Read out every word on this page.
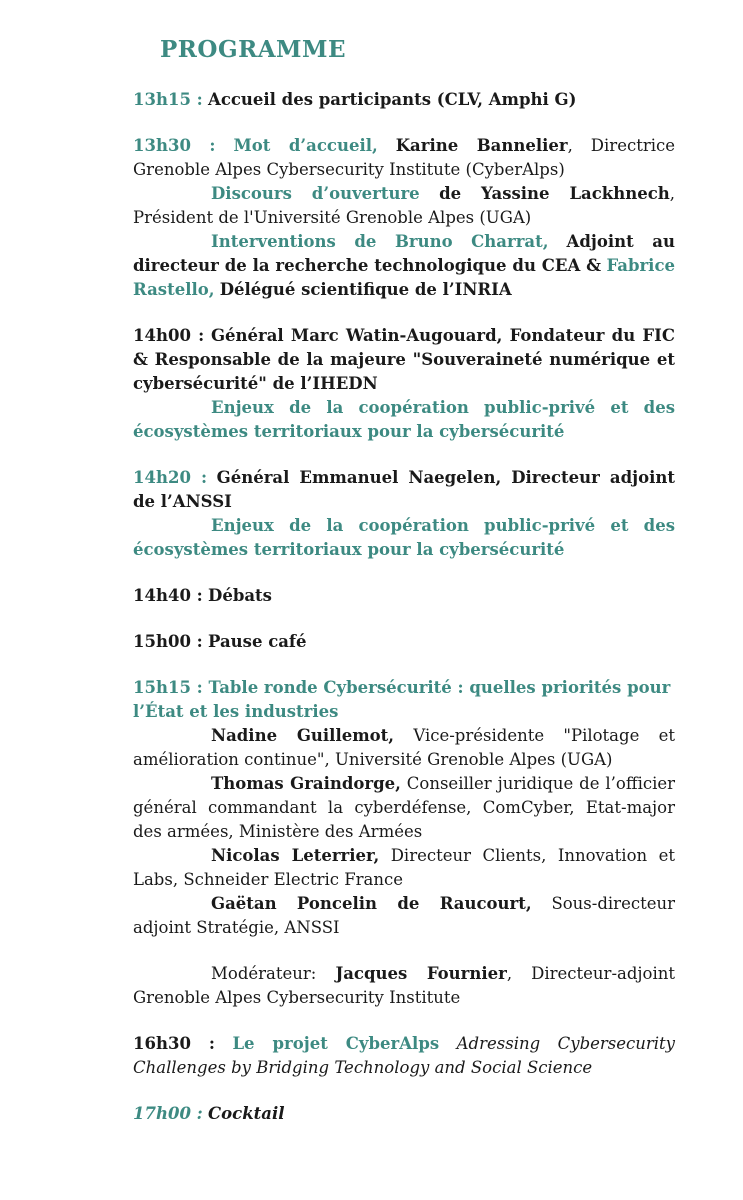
PROGRAMME

13h15 : Accueil des participants (CLV, Amphi G)

13h30 : Mot d’accueil, Karine Bannelier, Directrice Grenoble Alpes Cybersecurity Institute (CyberAlps)

Discours d’ouverture de Yassine Lackhnech, Président de l'Université Grenoble Alpes (UGA)

Interventions de Bruno Charrat, Adjoint au directeur de la recherche technologique du CEA & Fabrice Rastello, Délégué scientifique de l’INRIA

14h00 : Général Marc Watin-Augouard, Fondateur du FIC & Responsable de la majeure "Souveraineté numérique et cybersécurité" de l’IHEDN

Enjeux de la coopération public-privé et des écosystèmes territoriaux pour la cybersécurité

14h20 : Général Emmanuel Naegelen, Directeur adjoint de l’ANSSI

Enjeux de la coopération public-privé et des écosystèmes territoriaux pour la cybersécurité

14h40 : Débats

15h00 : Pause café

15h15 : Table ronde Cybersécurité : quelles priorités pour l’État et les industries

Nadine Guillemot, Vice-présidente "Pilotage et amélioration continue", Université Grenoble Alpes (UGA)

Thomas Graindorge, Conseiller juridique de l’officier général commandant la cyberdéfense, ComCyber, Etat-major des armées, Ministère des Armées

Nicolas Leterrier, Directeur Clients, Innovation et Labs, Schneider Electric France

Gaëtan Poncelin de Raucourt, Sous-directeur adjoint Stratégie, ANSSI

Modérateur: Jacques Fournier, Directeur-adjoint Grenoble Alpes Cybersecurity Institute

16h30 : Le projet CyberAlps Adressing Cybersecurity Challenges by Bridging Technology and Social Science

17h00 : Cocktail
